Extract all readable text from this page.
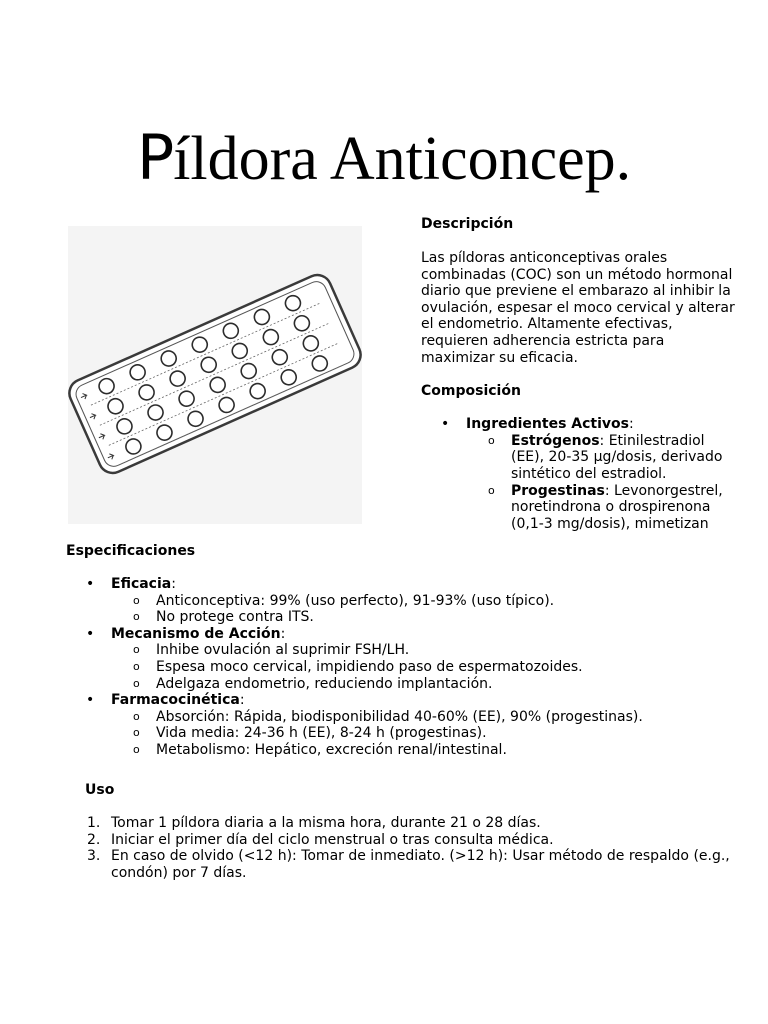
Píldora Anticoncep.
Descripción
Las píldoras anticonceptivas orales combinadas (COC) son un método hormonal diario que previene el embarazo al inhibir la ovulación, espesar el moco cervical y alterar el endometrio. Altamente efectivas, requieren adherencia estricta para maximizar su eficacia.
Composición
• Ingredientes Activos:
o Estrógenos: Etinilestradiol (EE), 20-35 µg/dosis, derivado sintético del estradiol.
o Progestinas: Levonorgestrel, noretindrona o drospirenona (0,1-3 mg/dosis), mimetizan
Especificaciones
• Eficacia:
o Anticonceptiva: 99% (uso perfecto), 91-93% (uso típico).
o No protege contra ITS.
• Mecanismo de Acción:
o Inhibe ovulación al suprimir FSH/LH.
o Espesa moco cervical, impidiendo paso de espermatozoides.
o Adelgaza endometrio, reduciendo implantación.
• Farmacocinética:
o Absorción: Rápida, biodisponibilidad 40-60% (EE), 90% (progestinas).
o Vida media: 24-36 h (EE), 8-24 h (progestinas).
o Metabolismo: Hepático, excreción renal/intestinal.
Uso
1. Tomar 1 píldora diaria a la misma hora, durante 21 o 28 días.
2. Iniciar el primer día del ciclo menstrual o tras consulta médica.
3. En caso de olvido (<12 h): Tomar de inmediato. (>12 h): Usar método de respaldo (e.g., condón) por 7 días.
